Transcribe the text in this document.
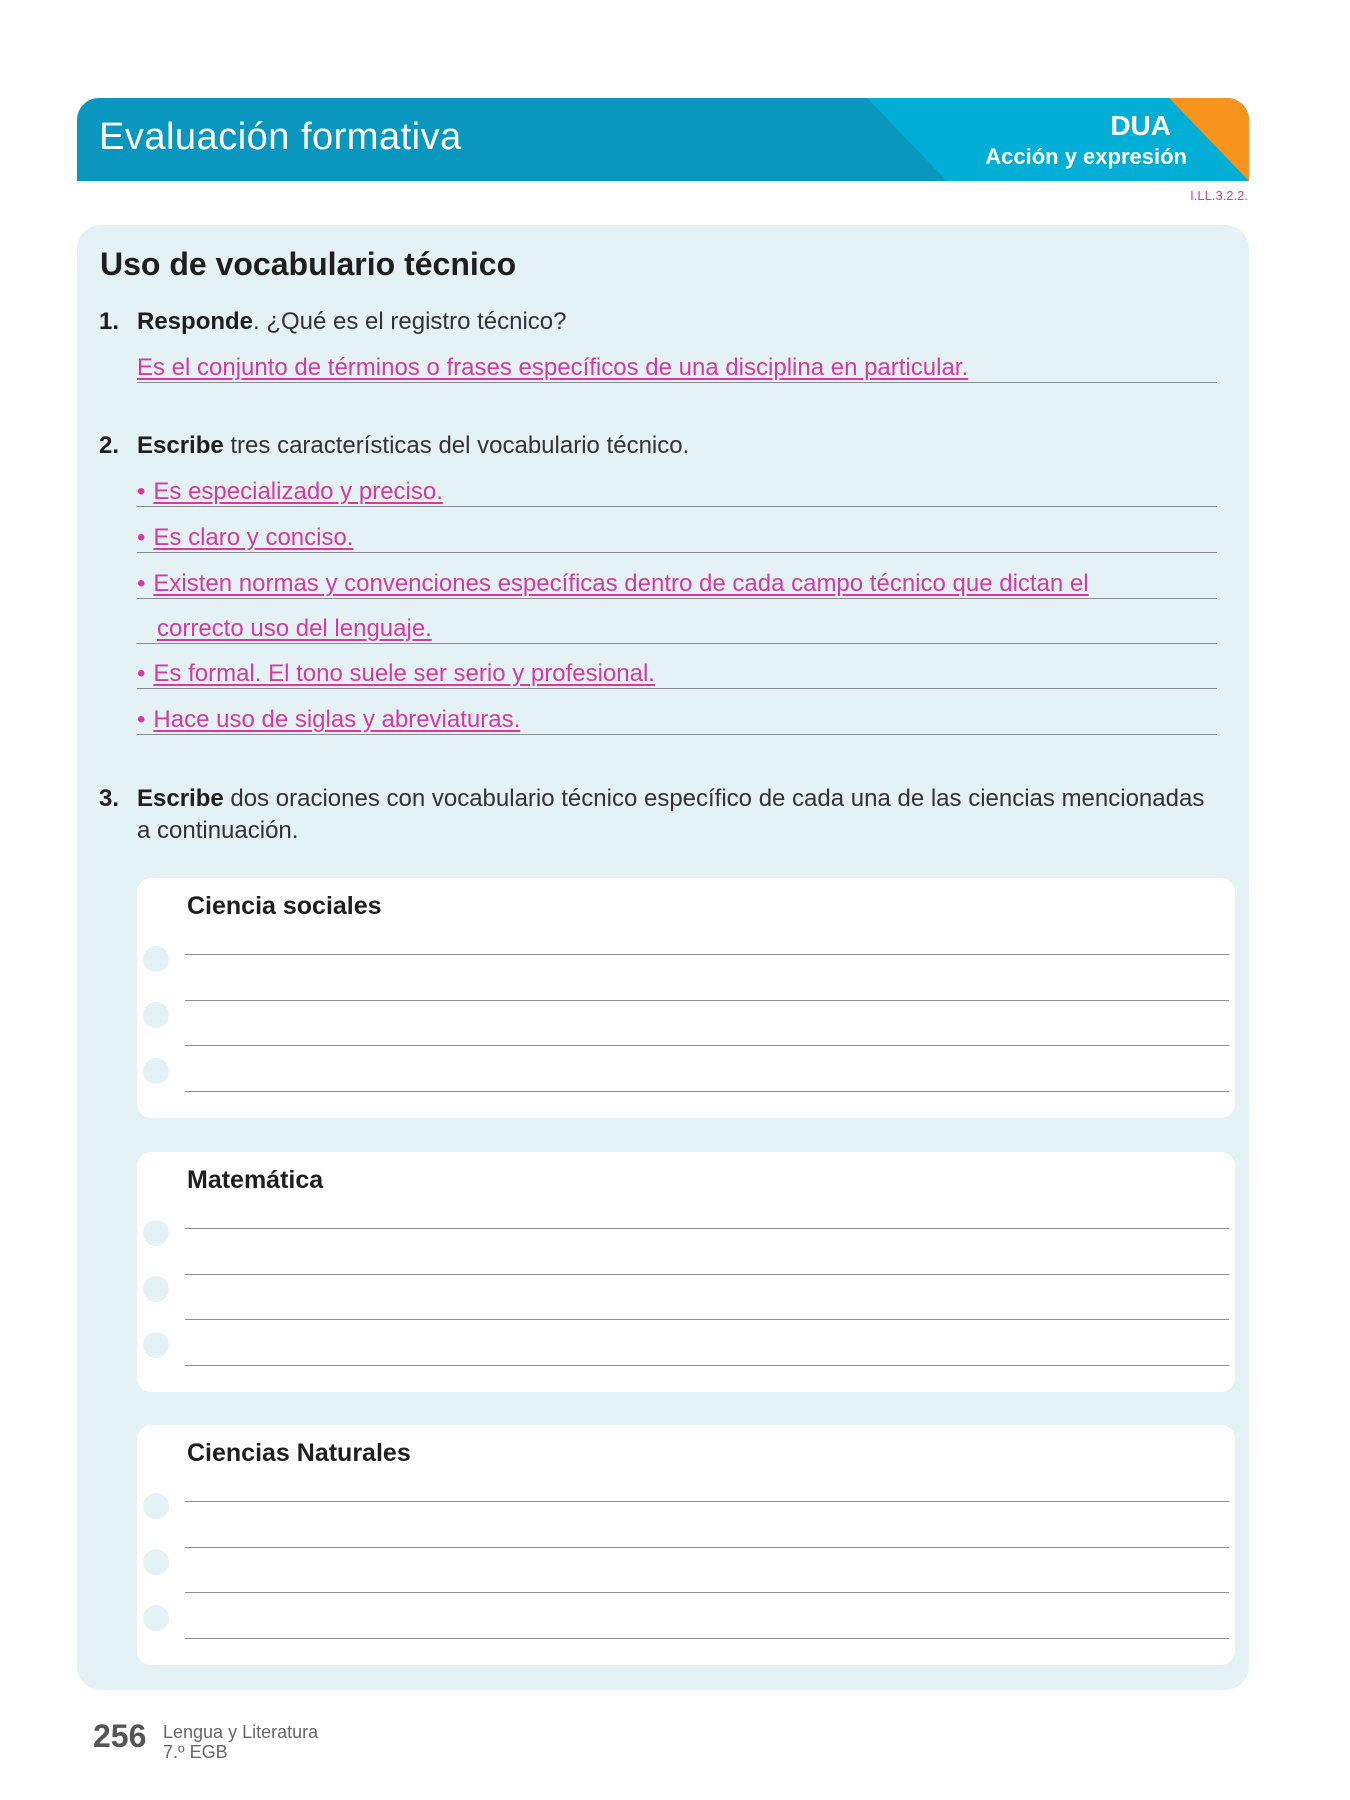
Evaluación formativa	DUA
Acción y expresión
I.LL.3.2.2.
Uso de vocabulario técnico
1. Responde. ¿Qué es el registro técnico?
Es el conjunto de términos o frases específicos de una disciplina en particular.
2. Escribe tres características del vocabulario técnico.
• Es especializado y preciso.
• Es claro y conciso.
• Existen normas y convenciones específicas dentro de cada campo técnico que dictan el
correcto uso del lenguaje.
• Es formal. El tono suele ser serio y profesional.
• Hace uso de siglas y abreviaturas.
3. Escribe dos oraciones con vocabulario técnico específico de cada una de las ciencias mencionadas
a continuación.
Ciencia sociales
Matemática
Ciencias Naturales
256 Lengua y Literatura
7.º EGB
